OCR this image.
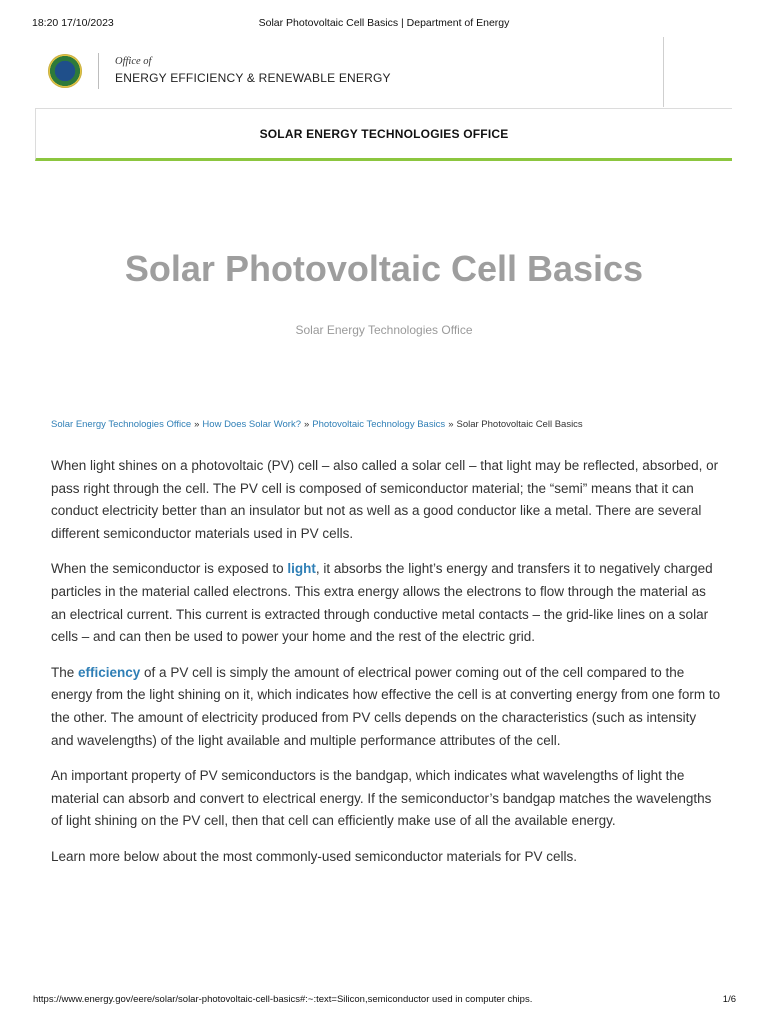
18:20 17/10/2023	Solar Photovoltaic Cell Basics | Department of Energy
Office of
ENERGY EFFICIENCY & RENEWABLE ENERGY
SOLAR ENERGY TECHNOLOGIES OFFICE
Solar Photovoltaic Cell Basics
Solar Energy Technologies Office
Solar Energy Technologies Office » How Does Solar Work? » Photovoltaic Technology Basics » Solar Photovoltaic Cell Basics

When light shines on a photovoltaic (PV) cell – also called a solar cell – that light may be reflected, absorbed, or pass right through the cell. The PV cell is composed of semiconductor material; the “semi” means that it can conduct electricity better than an insulator but not as well as a good conductor like a metal. There are several different semiconductor materials used in PV cells.

When the semiconductor is exposed to light, it absorbs the light’s energy and transfers it to negatively charged particles in the material called electrons. This extra energy allows the electrons to flow through the material as an electrical current. This current is extracted through conductive metal contacts – the grid-like lines on a solar cells – and can then be used to power your home and the rest of the electric grid.

The efficiency of a PV cell is simply the amount of electrical power coming out of the cell compared to the energy from the light shining on it, which indicates how effective the cell is at converting energy from one form to the other. The amount of electricity produced from PV cells depends on the characteristics (such as intensity and wavelengths) of the light available and multiple performance attributes of the cell.

An important property of PV semiconductors is the bandgap, which indicates what wavelengths of light the material can absorb and convert to electrical energy. If the semiconductor’s bandgap matches the wavelengths of light shining on the PV cell, then that cell can efficiently make use of all the available energy.

Learn more below about the most commonly-used semiconductor materials for PV cells.

https://www.energy.gov/eere/solar/solar-photovoltaic-cell-basics#:~:text=Silicon,semiconductor used in computer chips.	1/6
